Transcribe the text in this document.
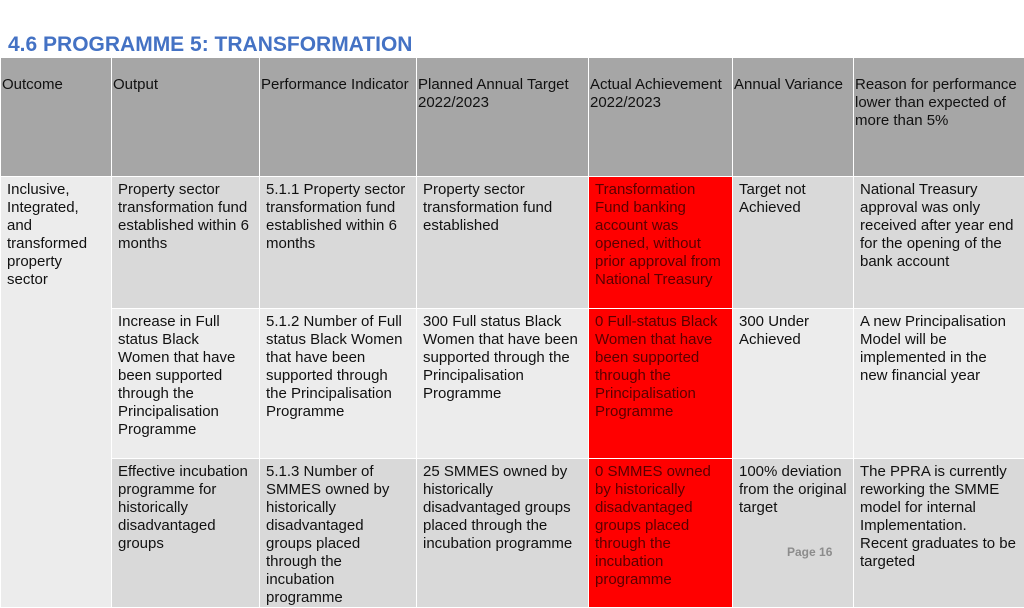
4.6 PROGRAMME 5: TRANSFORMATION
Outcome	Output	Performance Indicator	Planned Annual Target 2022/2023	Actual Achievement 2022/2023	Annual Variance	Reason for performance lower than expected of more than 5%
Inclusive, Integrated, and transformed property sector	Property sector transformation fund established within 6 months	5.1.1 Property sector transformation fund established within 6 months	Property sector transformation fund established	Transformation Fund banking account was opened, without prior approval from National Treasury	Target not Achieved	National Treasury approval was only received after year end for the opening of the bank account
	Increase in Full status Black Women that have been supported through the Principalisation Programme	5.1.2 Number of Full status Black Women that have been supported through the Principalisation Programme	300 Full status Black Women that have been supported through the Principalisation Programme	0 Full-status Black Women that have been supported through the Principalisation Programme	300 Under Achieved	A new Principalisation Model will be implemented in the new financial year
	Effective incubation programme for historically disadvantaged groups	5.1.3 Number of SMMES owned by historically disadvantaged groups placed through the incubation programme	25 SMMES owned by historically disadvantaged groups placed through the incubation programme	0 SMMES owned by historically disadvantaged groups placed through the incubation programme	100% deviation from the original target	The PPRA is currently reworking the SMME model for internal Implementation. Recent graduates to be targeted
Page 16
